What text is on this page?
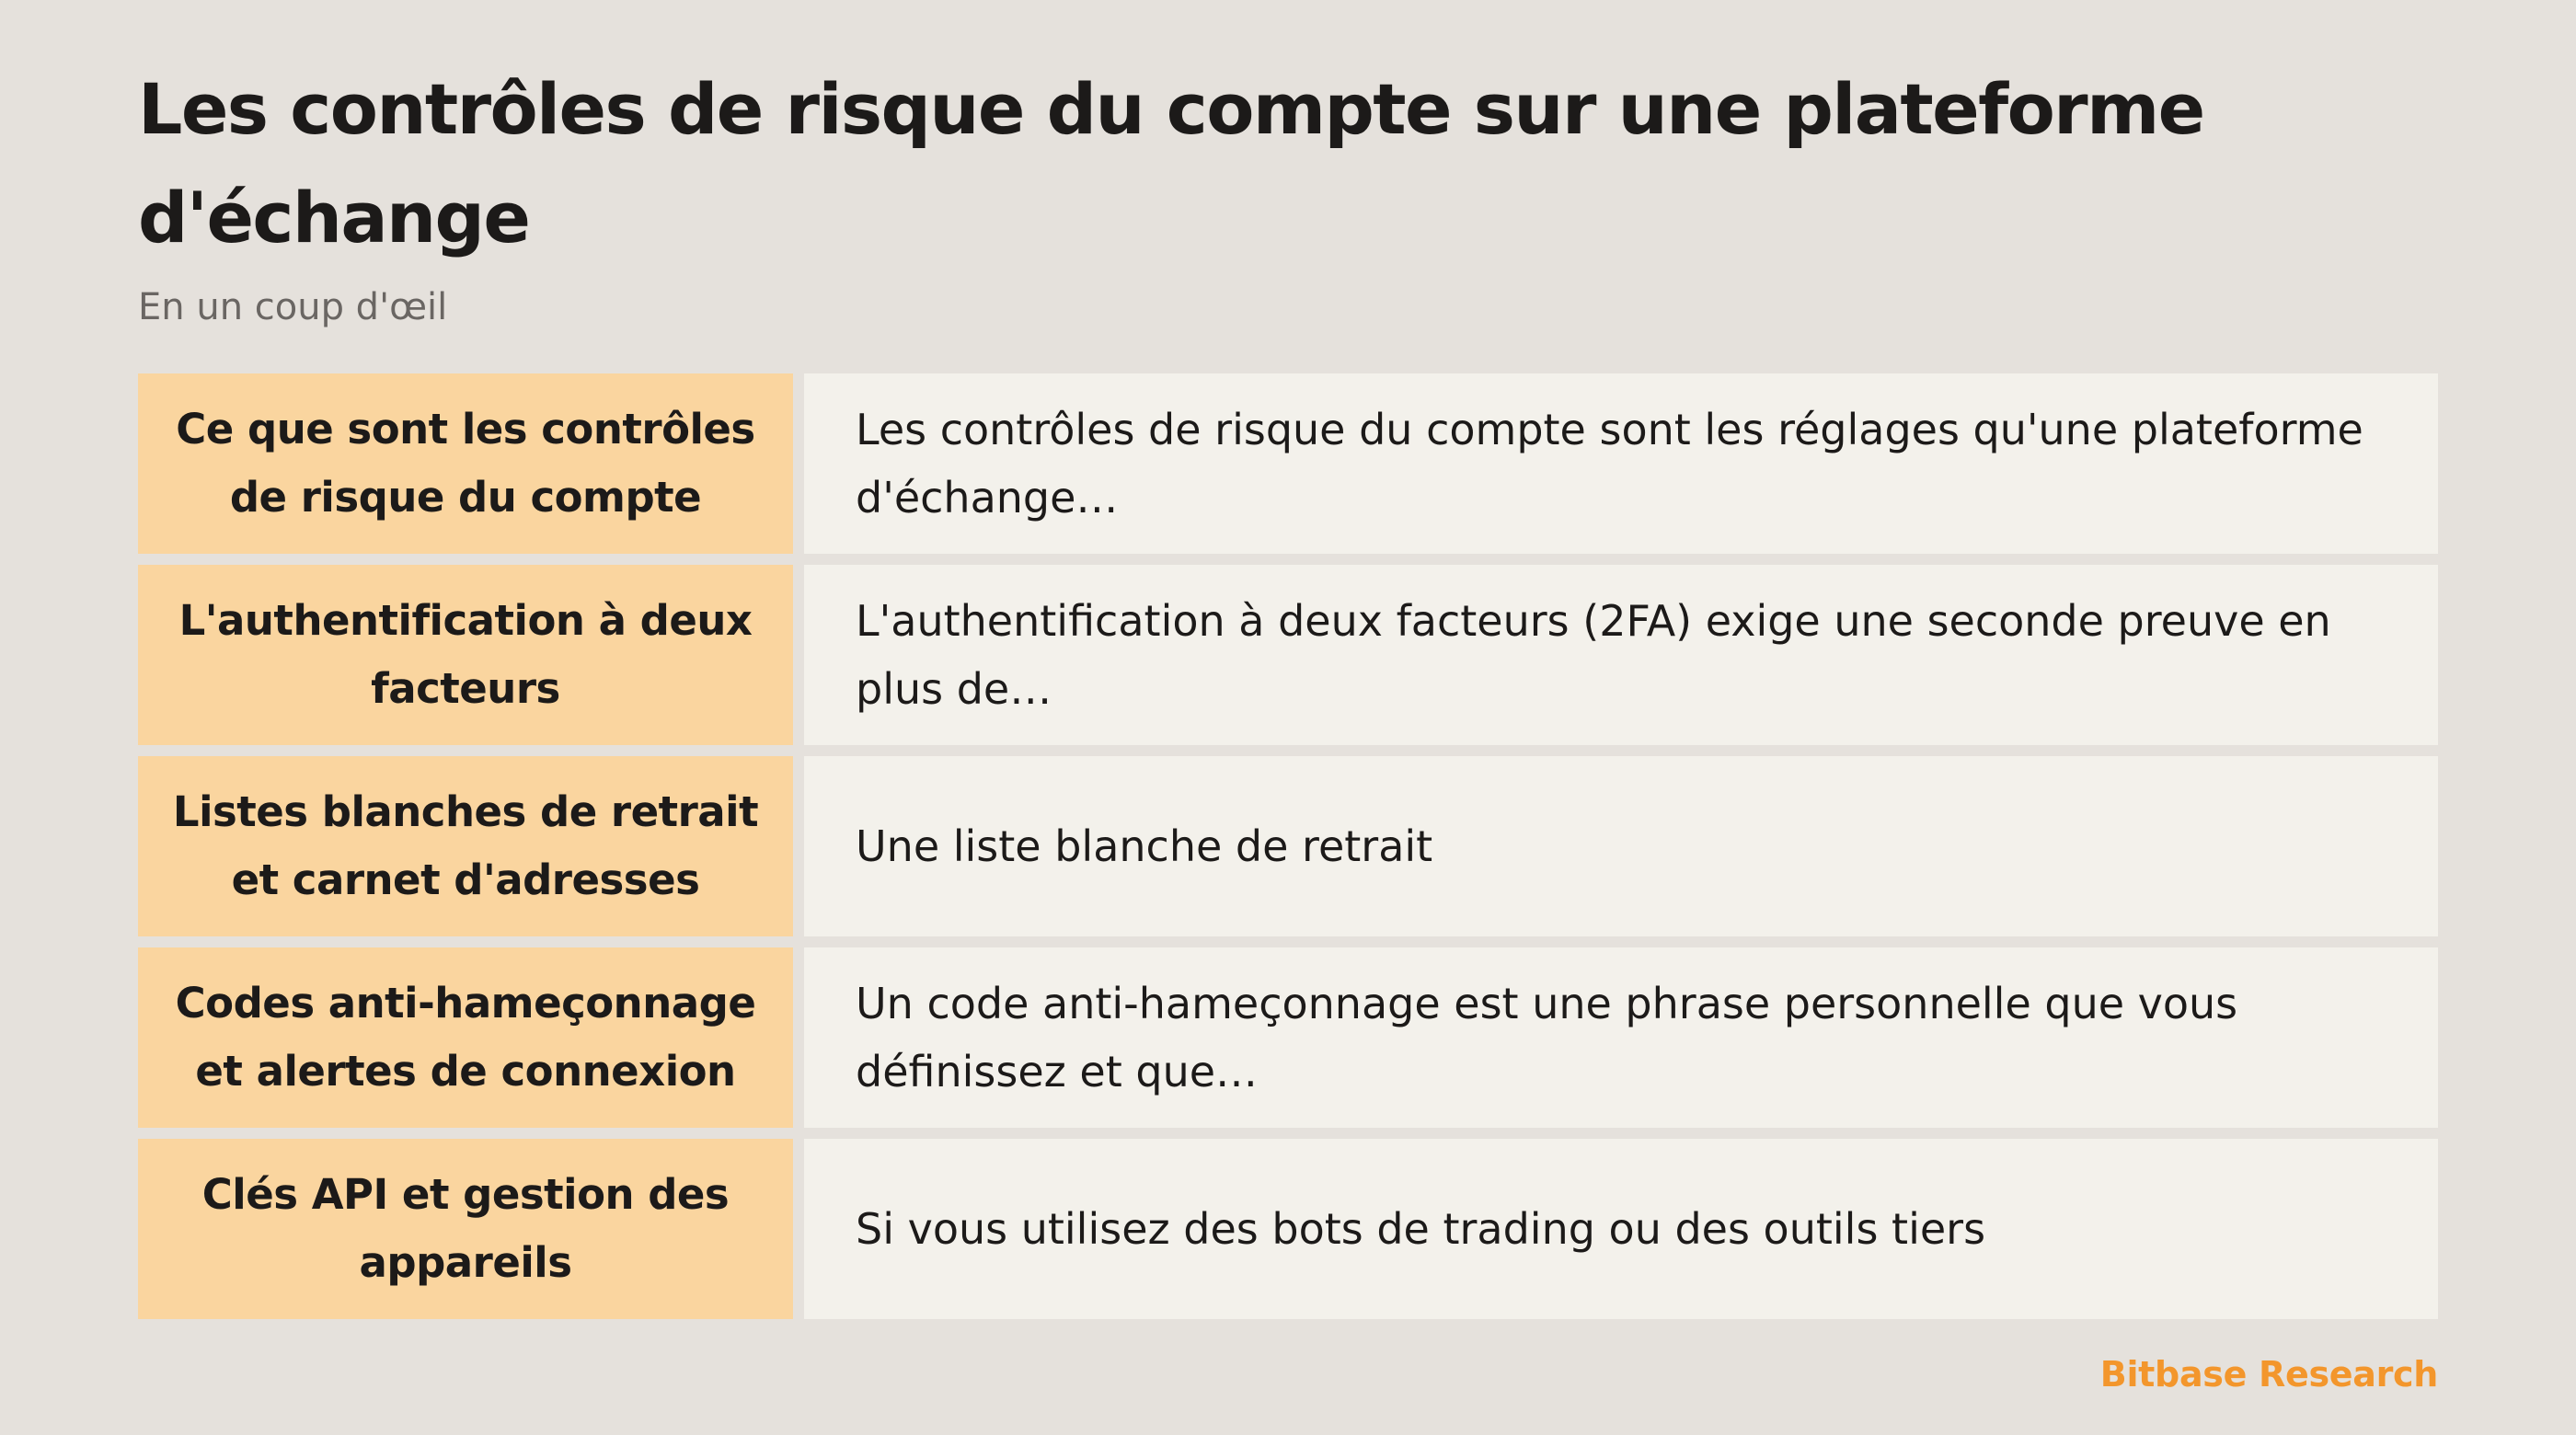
Les contrôles de risque du compte sur une plateforme d'échange

En un coup d'œil

Ce que sont les contrôles de risque du compte
Les contrôles de risque du compte sont les réglages qu'une plateforme d'échange…
L'authentification à deux facteurs
L'authentification à deux facteurs (2FA) exige une seconde preuve en plus de…
Listes blanches de retrait et carnet d'adresses
Une liste blanche de retrait
Codes anti-hameçonnage et alertes de connexion
Un code anti-hameçonnage est une phrase personnelle que vous définissez et que…
Clés API et gestion des appareils
Si vous utilisez des bots de trading ou des outils tiers
Bitbase Research
